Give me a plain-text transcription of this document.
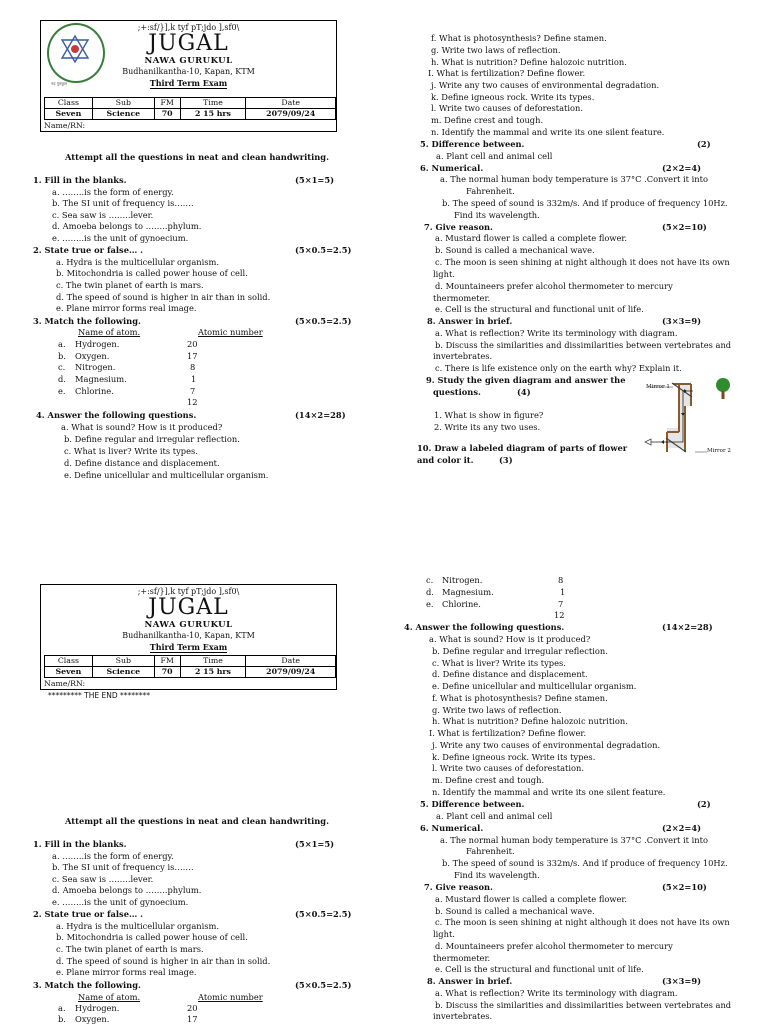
नव गुरुकुल
;+:sf/}],k tyf pT;jdo ],sf0\
JUGAL
NAWA GURUKUL
Budhanilkantha-10, Kapan, KTM
Third Term Exam
Class	Sub	FM	Time	Date
Seven	Science	70	2 15 hrs	2079/09/24
Name/RN:
Attempt all the questions in neat and clean handwriting.
1. Fill in the blanks.	(5×1=5)
a. ……..is the form of energy.
b. The SI unit of frequency is…….
c. Sea saw is ……..lever.
d. Amoeba belongs to ……..phylum.
e. ……..is the unit of gynoecium.
2. State true or false… .	(5×0.5=2.5)
a. Hydra is the multicellular organism.
b. Mitochondria is called power house of cell.
c. The twin planet of earth is mars.
d. The speed of sound is higher in air than in solid.
e. Plane mirror forms real image.
3. Match the following.	(5×0.5=2.5)
Name of atom.	Atomic number
a. Hydrogen.	20
b. Oxygen.	17
c. Nitrogen.	8
d. Magnesium.	1
e. Chlorine.	7
12
4. Answer the following questions.	(14×2=28)
a. What is sound? How is it produced?
b. Define regular and irregular reflection.
c. What is liver? Write its types.
d. Define distance and displacement.
e. Define unicellular and multicellular organism.
f. What is photosynthesis? Define stamen.
g. Write two laws of reflection.
h. What is nutrition? Define halozoic nutrition.
I. What is fertilization? Define flower.
j. Write any two causes of environmental degradation.
k. Define igneous rock. Write its types.
l. Write two causes of deforestation.
m. Define crest and tough.
n. Identify the mammal and write its one silent feature.
5. Difference between.	(2)
a. Plant cell and animal cell
6. Numerical.	(2×2=4)
a. The normal human body temperature is 37°C .Convert it into
Fahrenheit.
b. The speed of sound is 332m/s. And if produce of frequency 10Hz.
Find its wavelength.
7. Give reason.	(5×2=10)
a. Mustard flower is called a complete flower.
b. Sound is called a mechanical wave.
c. The moon is seen shining at night although it does not have its own
light.
d. Mountaineers prefer alcohol thermometer to mercury
thermometer.
e. Cell is the structural and functional unit of life.
8. Answer in brief.	(3×3=9)
a. What is reflection? Write its terminology with diagram.
b. Discuss the similarities and dissimilarities between vertebrates and
invertebrates.
c. There is life existence only on the earth why? Explain it.
9. Study the given diagram and answer the
questions.	(4)
1. What is show in figure?
2. Write its any two uses.
Mirror 1
Mirror 2
10. Draw a labeled diagram of parts of flower
and color it.	(3)
;+:sf/}],k tyf pT;jdo ],sf0\
JUGAL
NAWA GURUKUL
Budhanilkantha-10, Kapan, KTM
Third Term Exam
Class	Sub	FM	Time	Date
Seven	Science	70	2 15 hrs	2079/09/24
Name/RN:
********* THE END ********
Attempt all the questions in neat and clean handwriting.
1. Fill in the blanks.	(5×1=5)
a. ……..is the form of energy.
b. The SI unit of frequency is…….
c. Sea saw is ……..lever.
d. Amoeba belongs to ……..phylum.
e. ……..is the unit of gynoecium.
2. State true or false… .	(5×0.5=2.5)
a. Hydra is the multicellular organism.
b. Mitochondria is called power house of cell.
c. The twin planet of earth is mars.
d. The speed of sound is higher in air than in solid.
e. Plane mirror forms real image.
3. Match the following.	(5×0.5=2.5)
Name of atom.	Atomic number
a. Hydrogen.	20
b. Oxygen.	17
c. Nitrogen.	8
d. Magnesium.	1
e. Chlorine.	7
12
4. Answer the following questions.	(14×2=28)
a. What is sound? How is it produced?
b. Define regular and irregular reflection.
c. What is liver? Write its types.
d. Define distance and displacement.
e. Define unicellular and multicellular organism.
f. What is photosynthesis? Define stamen.
g. Write two laws of reflection.
h. What is nutrition? Define halozoic nutrition.
I. What is fertilization? Define flower.
j. Write any two causes of environmental degradation.
k. Define igneous rock. Write its types.
l. Write two causes of deforestation.
m. Define crest and tough.
n. Identify the mammal and write its one silent feature.
5. Difference between.	(2)
a. Plant cell and animal cell
6. Numerical.	(2×2=4)
a. The normal human body temperature is 37°C .Convert it into
Fahrenheit.
b. The speed of sound is 332m/s. And if produce of frequency 10Hz.
Find its wavelength.
7. Give reason.	(5×2=10)
a. Mustard flower is called a complete flower.
b. Sound is called a mechanical wave.
c. The moon is seen shining at night although it does not have its own
light.
d. Mountaineers prefer alcohol thermometer to mercury
thermometer.
e. Cell is the structural and functional unit of life.
8. Answer in brief.	(3×3=9)
a. What is reflection? Write its terminology with diagram.
b. Discuss the similarities and dissimilarities between vertebrates and
invertebrates.
